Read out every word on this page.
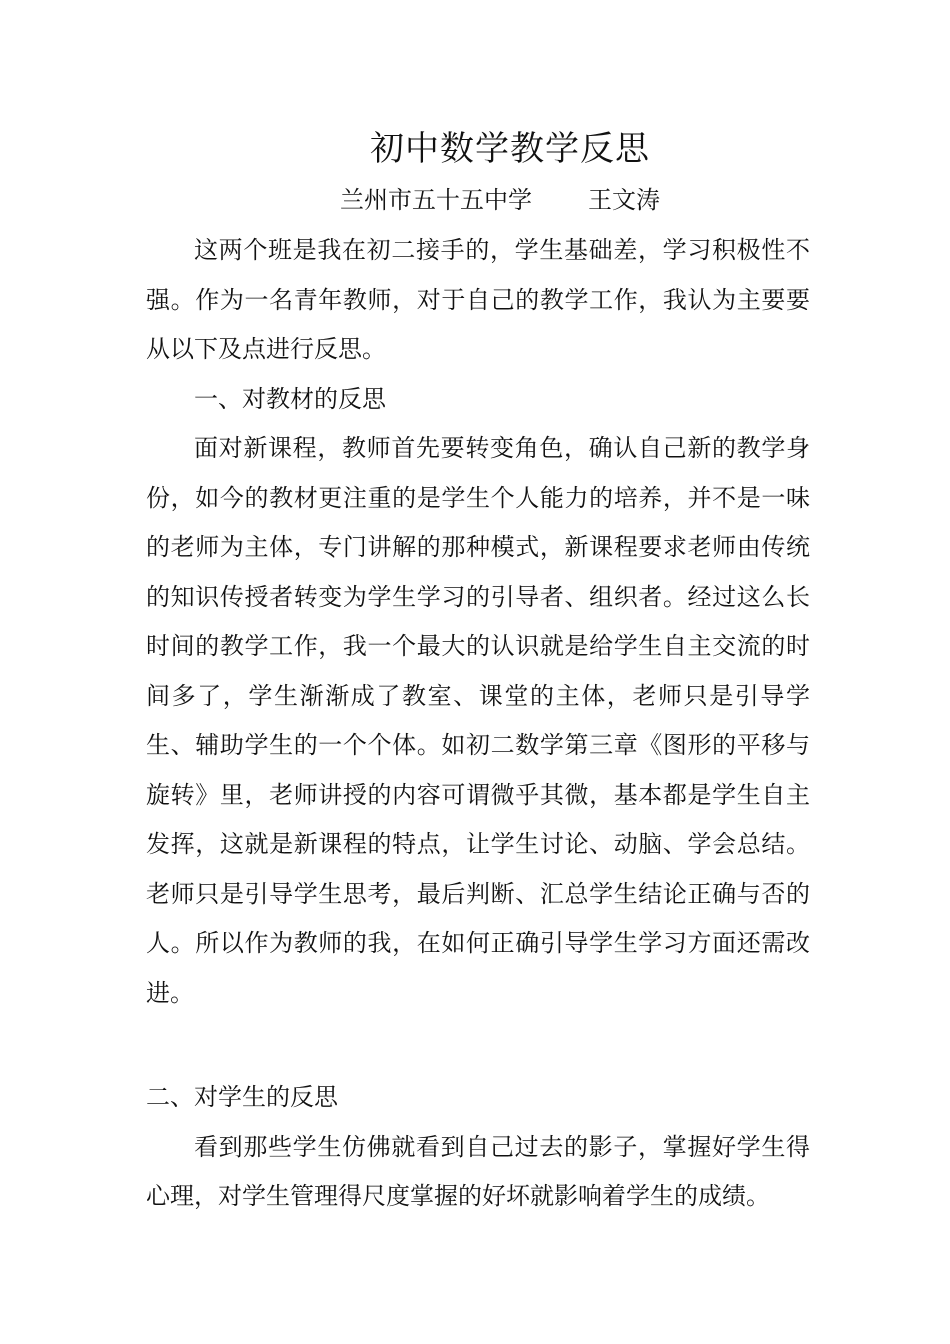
初中数学教学反思
兰州市五十五中学 王文涛

这两个班是我在初二接手的，学生基础差，学习积极性不强。作为一名青年教师，对于自己的教学工作，我认为主要要从以下及点进行反思。

一、对教材的反思

面对新课程，教师首先要转变角色，确认自己新的教学身份，如今的教材更注重的是学生个人能力的培养，并不是一味的老师为主体，专门讲解的那种模式，新课程要求老师由传统的知识传授者转变为学生学习的引导者、组织者。经过这么长时间的教学工作，我一个最大的认识就是给学生自主交流的时间多了，学生渐渐成了教室、课堂的主体，老师只是引导学生、辅助学生的一个个体。如初二数学第三章《图形的平移与旋转》里，老师讲授的内容可谓微乎其微，基本都是学生自主发挥，这就是新课程的特点，让学生讨论、动脑、学会总结。老师只是引导学生思考，最后判断、汇总学生结论正确与否的人。所以作为教师的我，在如何正确引导学生学习方面还需改进。

二、对学生的反思

看到那些学生仿佛就看到自己过去的影子，掌握好学生得心理，对学生管理得尺度掌握的好坏就影响着学生的成绩。
